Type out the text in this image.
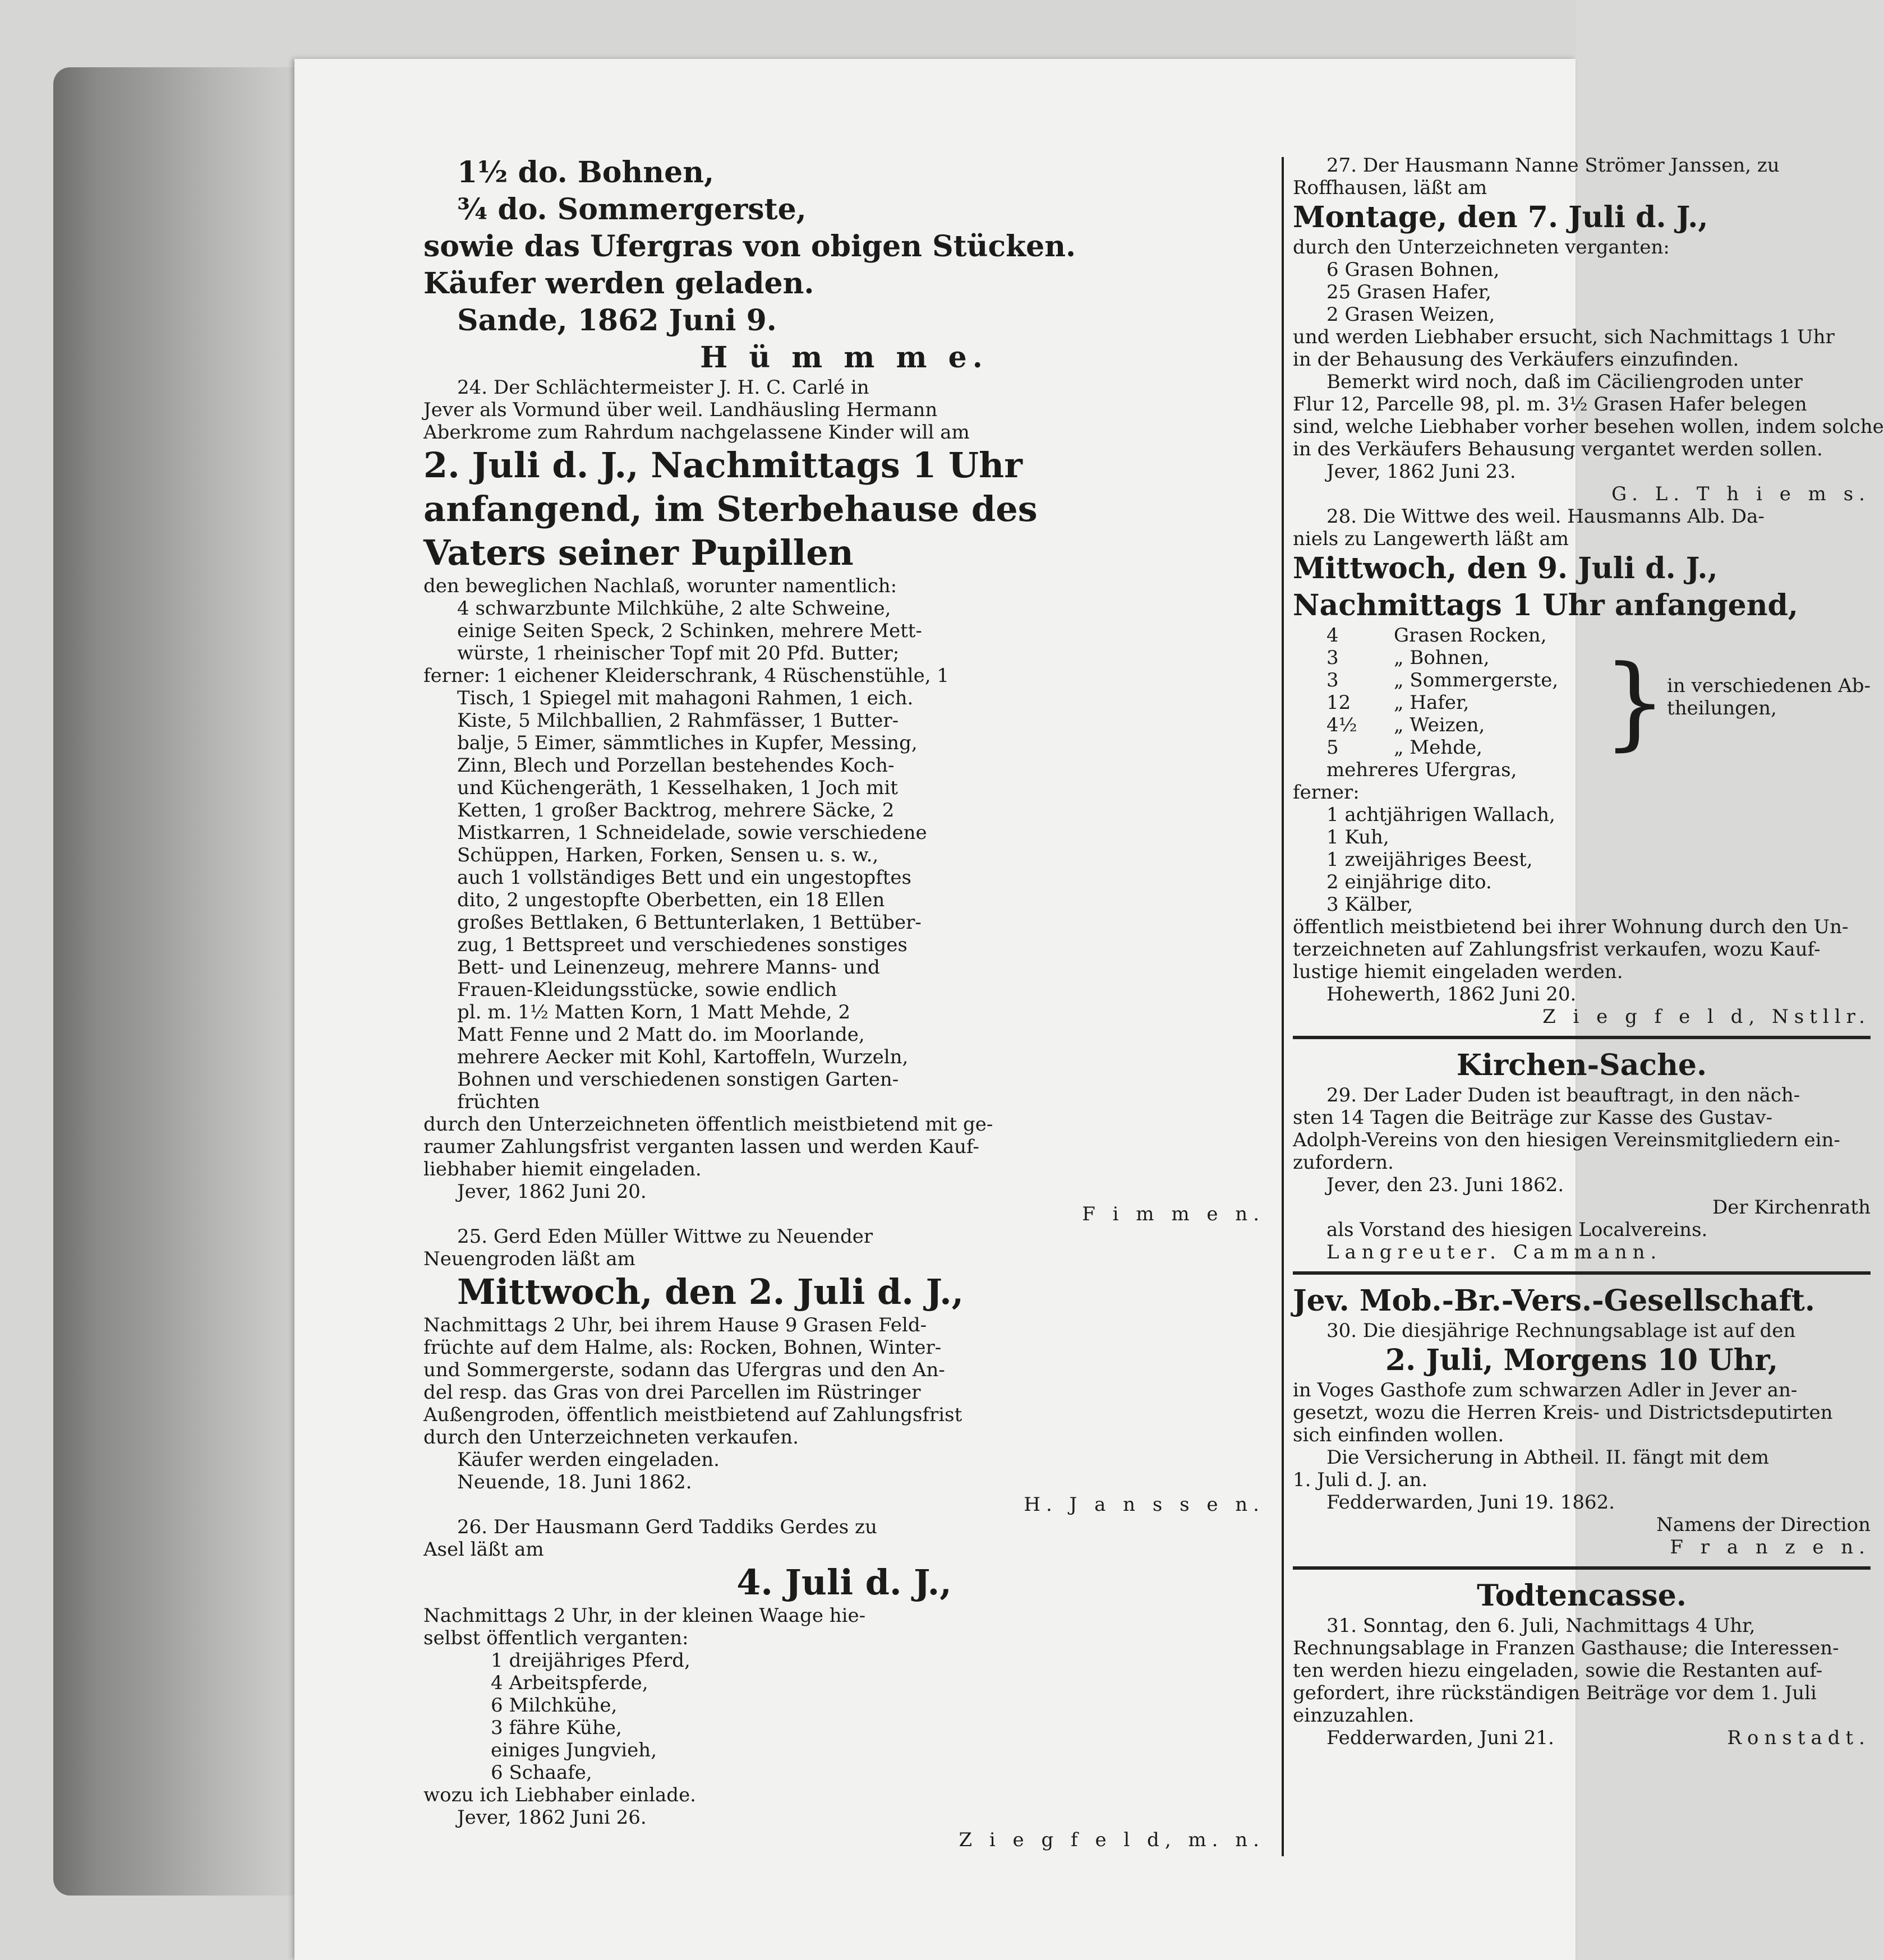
1½ do. Bohnen,
¾ do. Sommergerste,
sowie das Ufergras von obigen Stücken.
Käufer werden geladen.
Sande, 1862 Juni 9.
H ü m m m e.
24. Der Schlächtermeister J. H. C. Carlé in
Jever als Vormund über weil. Landhäusling Hermann
Aberkrome zum Rahrdum nachgelassene Kinder will am
2. Juli d. J., Nachmittags 1 Uhr
anfangend, im Sterbehause des
Vaters seiner Pupillen
den beweglichen Nachlaß, worunter namentlich:
4 schwarzbunte Milchkühe, 2 alte Schweine,
einige Seiten Speck, 2 Schinken, mehrere Mett-
würste, 1 rheinischer Topf mit 20 Pfd. Butter;
ferner: 1 eichener Kleiderschrank, 4 Rüschenstühle, 1
Tisch, 1 Spiegel mit mahagoni Rahmen, 1 eich.
Kiste, 5 Milchballien, 2 Rahmfässer, 1 Butter-
balje, 5 Eimer, sämmtliches in Kupfer, Messing,
Zinn, Blech und Porzellan bestehendes Koch-
und Küchengeräth, 1 Kesselhaken, 1 Joch mit
Ketten, 1 großer Backtrog, mehrere Säcke, 2
Mistkarren, 1 Schneidelade, sowie verschiedene
Schüppen, Harken, Forken, Sensen u. s. w.,
auch 1 vollständiges Bett und ein ungestopftes
dito, 2 ungestopfte Oberbetten, ein 18 Ellen
großes Bettlaken, 6 Bettunterlaken, 1 Bettüber-
zug, 1 Bettspreet und verschiedenes sonstiges
Bett- und Leinenzeug, mehrere Manns- und
Frauen-Kleidungsstücke, sowie endlich
pl. m. 1½ Matten Korn, 1 Matt Mehde, 2
Matt Fenne und 2 Matt do. im Moorlande,
mehrere Aecker mit Kohl, Kartoffeln, Wurzeln,
Bohnen und verschiedenen sonstigen Garten-
früchten
durch den Unterzeichneten öffentlich meistbietend mit ge-
raumer Zahlungsfrist verganten lassen und werden Kauf-
liebhaber hiemit eingeladen.
Jever, 1862 Juni 20.
F i m m e n.
25. Gerd Eden Müller Wittwe zu Neuender
Neuengroden läßt am
Mittwoch, den 2. Juli d. J.,
Nachmittags 2 Uhr, bei ihrem Hause 9 Grasen Feld-
früchte auf dem Halme, als: Rocken, Bohnen, Winter-
und Sommergerste, sodann das Ufergras und den An-
del resp. das Gras von drei Parcellen im Rüstringer
Außengroden, öffentlich meistbietend auf Zahlungsfrist
durch den Unterzeichneten verkaufen.
Käufer werden eingeladen.
Neuende, 18. Juni 1862.
H. J a n s s e n.
26. Der Hausmann Gerd Taddiks Gerdes zu
Asel läßt am
4. Juli d. J.,
Nachmittags 2 Uhr, in der kleinen Waage hie-
selbst öffentlich verganten:
1 dreijähriges Pferd,
4 Arbeitspferde,
6 Milchkühe,
3 fähre Kühe,
einiges Jungvieh,
6 Schaafe,
wozu ich Liebhaber einlade.
Jever, 1862 Juni 26.
Z i e g f e l d, m. n.
27. Der Hausmann Nanne Strömer Janssen, zu
Roffhausen, läßt am
Montage, den 7. Juli d. J.,
durch den Unterzeichneten verganten:
6 Grasen Bohnen,
25 Grasen Hafer,
2 Grasen Weizen,
und werden Liebhaber ersucht, sich Nachmittags 1 Uhr
in der Behausung des Verkäufers einzufinden.
Bemerkt wird noch, daß im Cäciliengroden unter
Flur 12, Parcelle 98, pl. m. 3½ Grasen Hafer belegen
sind, welche Liebhaber vorher besehen wollen, indem solche
in des Verkäufers Behausung vergantet werden sollen.
Jever, 1862 Juni 23.
G. L. T h i e m s.
28. Die Wittwe des weil. Hausmanns Alb. Da-
niels zu Langewerth läßt am
Mittwoch, den 9. Juli d. J.,
Nachmittags 1 Uhr anfangend,
4	Grasen Rocken,
3	„ Bohnen,
3	„ Sommergerste,
12	„ Hafer,
4½	„ Weizen,
5	„ Mehde,
mehreres Ufergras,
} in verschiedenen Ab-
theilungen,
ferner:
1 achtjährigen Wallach,
1 Kuh,
1 zweijähriges Beest,
2 einjährige dito.
3 Kälber,
öffentlich meistbietend bei ihrer Wohnung durch den Un-
terzeichneten auf Zahlungsfrist verkaufen, wozu Kauf-
lustige hiemit eingeladen werden.
Hohewerth, 1862 Juni 20.
Z i e g f e l d, Nstllr.
Kirchen-Sache.
29. Der Lader Duden ist beauftragt, in den näch-
sten 14 Tagen die Beiträge zur Kasse des Gustav-
Adolph-Vereins von den hiesigen Vereinsmitgliedern ein-
zufordern.
Jever, den 23. Juni 1862.
Der Kirchenrath
als Vorstand des hiesigen Localvereins.
Langreuter. Cammann.
Jev. Mob.-Br.-Vers.-Gesellschaft.
30. Die diesjährige Rechnungsablage ist auf den
2. Juli, Morgens 10 Uhr,
in Voges Gasthofe zum schwarzen Adler in Jever an-
gesetzt, wozu die Herren Kreis- und Districtsdeputirten
sich einfinden wollen.
Die Versicherung in Abtheil. II. fängt mit dem
1. Juli d. J. an.
Fedderwarden, Juni 19. 1862.
Namens der Direction
F r a n z e n.
Todtencasse.
31. Sonntag, den 6. Juli, Nachmittags 4 Uhr,
Rechnungsablage in Franzen Gasthause; die Interessen-
ten werden hiezu eingeladen, sowie die Restanten auf-
gefordert, ihre rückständigen Beiträge vor dem 1. Juli
einzuzahlen.
Fedderwarden, Juni 21.	Ronstadt.
